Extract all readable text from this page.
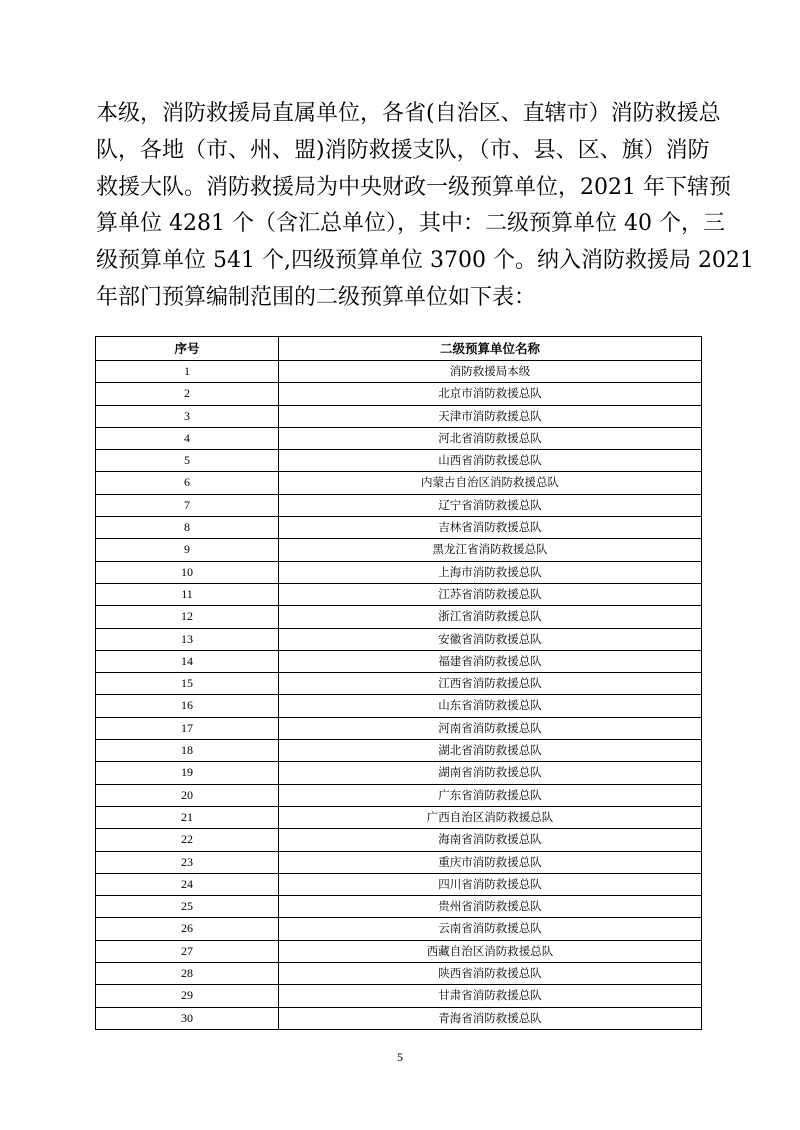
本级，消防救援局直属单位，各省(自治区、直辖市）消防救援总
队，各地（市、州、盟)消防救援支队，（市、县、区、旗）消防
救援大队。消防救援局为中央财政一级预算单位，2021 年下辖预
算单位 4281 个（含汇总单位），其中：二级预算单位 40 个，三
级预算单位 541 个,四级预算单位 3700 个。纳入消防救援局 2021
年部门预算编制范围的二级预算单位如下表：
序号	二级预算单位名称
1	消防救援局本级
2	北京市消防救援总队
3	天津市消防救援总队
4	河北省消防救援总队
5	山西省消防救援总队
6	内蒙古自治区消防救援总队
7	辽宁省消防救援总队
8	吉林省消防救援总队
9	黑龙江省消防救援总队
10	上海市消防救援总队
11	江苏省消防救援总队
12	浙江省消防救援总队
13	安徽省消防救援总队
14	福建省消防救援总队
15	江西省消防救援总队
16	山东省消防救援总队
17	河南省消防救援总队
18	湖北省消防救援总队
19	湖南省消防救援总队
20	广东省消防救援总队
21	广西自治区消防救援总队
22	海南省消防救援总队
23	重庆市消防救援总队
24	四川省消防救援总队
25	贵州省消防救援总队
26	云南省消防救援总队
27	西藏自治区消防救援总队
28	陕西省消防救援总队
29	甘肃省消防救援总队
30	青海省消防救援总队
5
